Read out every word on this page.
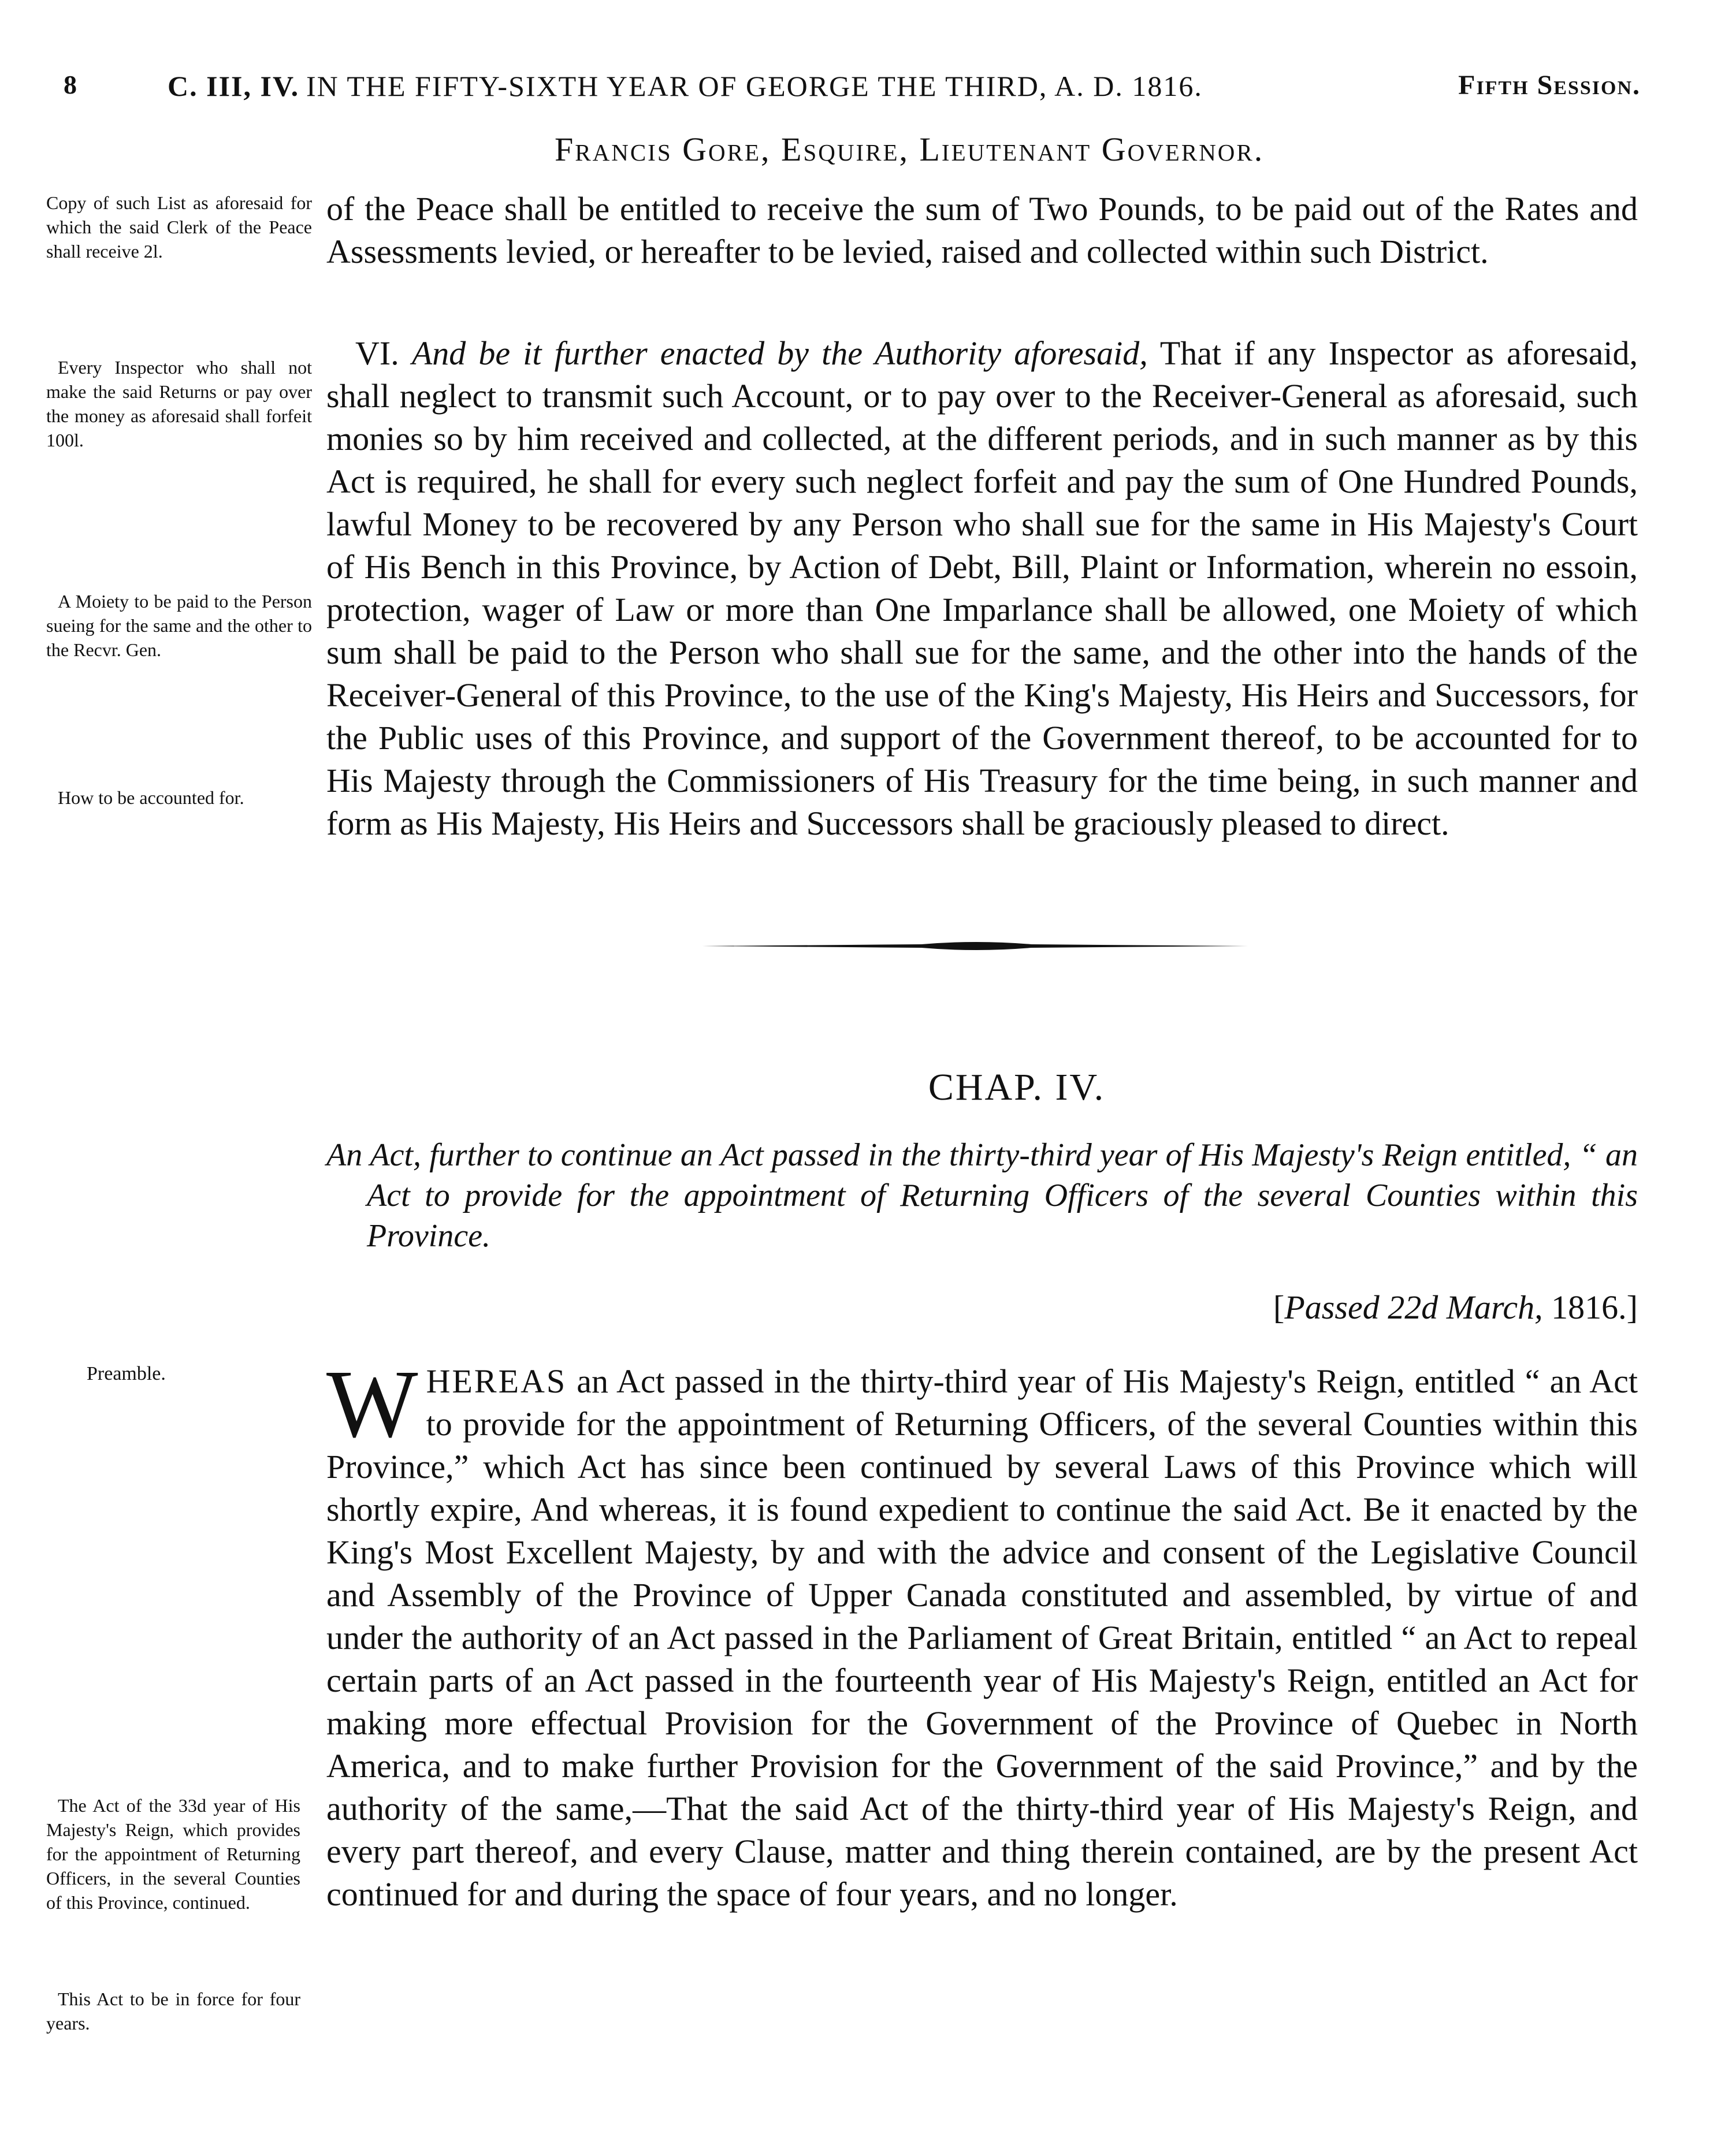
8	C. III, IV. IN THE FIFTY-SIXTH YEAR OF GEORGE THE THIRD, A. D. 1816.	Fifth Session.
Francis Gore, Esquire, Lieutenant Governor.
Copy of such List as aforesaid for which the said Clerk of the Peace shall receive 2l.

of the Peace shall be entitled to receive the sum of Two Pounds, to be paid out of the Rates and Assessments levied, or hereafter to be levied, raised and collected within such District.

Every Inspector who shall not make the said Returns or pay over the money as aforesaid shall forfeit 100l.

VI. And be it further enacted by the Authority aforesaid, That if any Inspector as aforesaid, shall neglect to transmit such Account, or to pay over to the Receiver-General as aforesaid, such monies so by him received and collected, at the different periods, and in such manner as by this Act is required, he shall for every such neglect forfeit and pay the sum of One Hundred Pounds, lawful Money to be recovered by any Person who shall sue for the same in His Majesty's Court of His Bench in this Province, by Action of Debt, Bill, Plaint or Information, wherein no essoin, protection, wager of Law or more than One Imparlance shall be allowed, one Moiety of which sum shall be paid to the Person who shall sue for the same, and the other into the hands of the Receiver-General of this Province, to the use of the King's Majesty, His Heirs and Successors, for the Public uses of this Province, and support of the Government thereof, to be accounted for to His Majesty through the Commissioners of His Treasury for the time being, in such manner and form as His Majesty, His Heirs and Successors shall be graciously pleased to direct.

A Moiety to be paid to the Person sueing for the same and the other to the Recvr. Gen.
How to be accounted for.
CHAP. IV.

An Act, further to continue an Act passed in the thirty-third year of His Majesty's Reign entitled, “ an Act to provide for the appointment of Returning Officers of the several Counties within this Province.

[Passed 22d March, 1816.]
Preamble. WHEREAS an Act passed in the thirty-third year of His Majesty's Reign, entitled “ an Act to provide for the appointment of Returning Officers, of the several Counties within this Province,” which Act has since been continued by several Laws of this Province which will shortly expire, And whereas, it is found expedient to continue the said Act. Be it enacted by the King's Most Excellent Majesty, by and with the advice and consent of the Legislative Council and Assembly of the Province of Upper Canada constituted and assembled, by virtue of and under the authority of an Act passed in the Parliament of Great Britain, entitled “ an Act to repeal certain parts of an Act passed in the fourteenth year of His Majesty's Reign, entitled an Act for making more effectual Provision for the Government of the Province of Quebec in North America, and to make further Provision for the Government of the said Province,” and by the authority of the same,—That the said Act of the thirty-third year of His Majesty's Reign, and every part thereof, and every Clause, matter and thing therein contained, are by the present Act continued for and during the space of four years, and no longer.

The Act of the 33d year of His Majesty's Reign, which provides for the appointment of Returning Officers, in the several Counties of this Province, continued.
This Act to be in force for four years.
